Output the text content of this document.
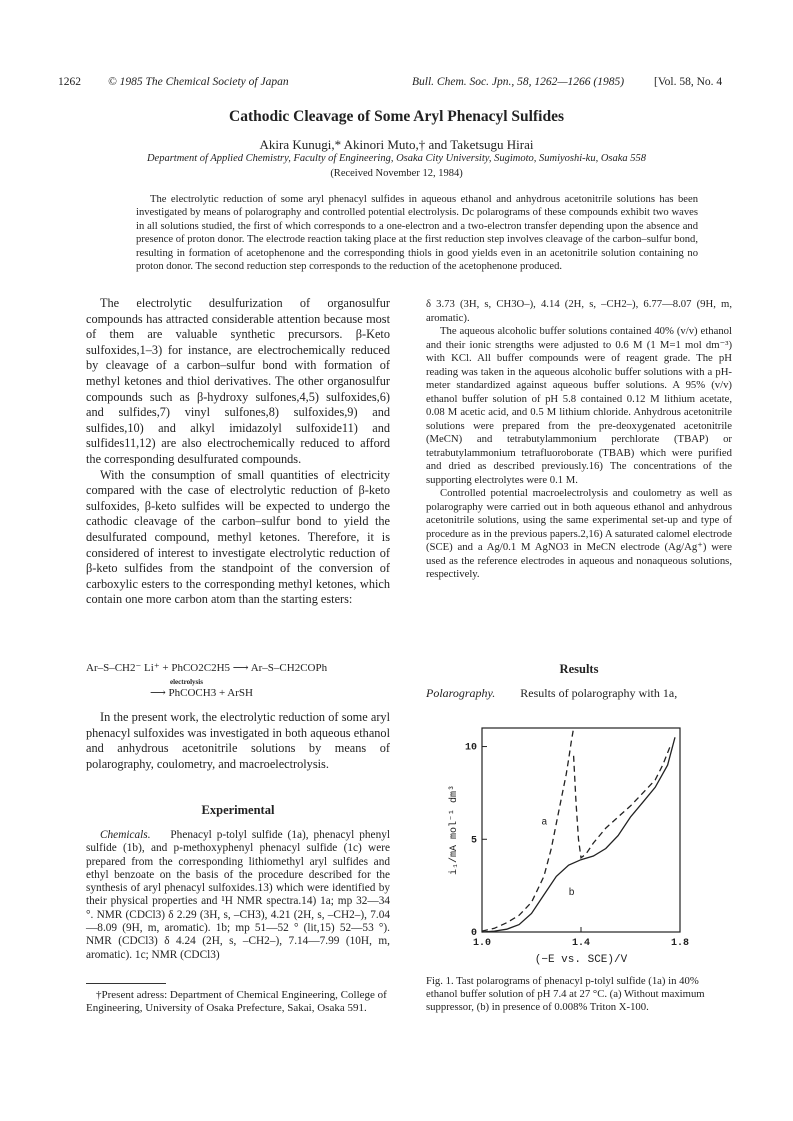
1262 © 1985 The Chemical Society of Japan	Bull. Chem. Soc. Jpn., 58, 1262—1266 (1985)	[Vol. 58, No. 4
Cathodic Cleavage of Some Aryl Phenacyl Sulfides
Akira Kunugi,* Akinori Muto,† and Taketsugu Hirai
Department of Applied Chemistry, Faculty of Engineering, Osaka City University, Sugimoto, Sumiyoshi-ku, Osaka 558
(Received November 12, 1984)
The electrolytic reduction of some aryl phenacyl sulfides in aqueous ethanol and anhydrous acetonitrile solutions has been investigated by means of polarography and controlled potential electrolysis. Dc polarograms of these compounds exhibit two waves in all solutions studied, the first of which corresponds to a one-electron and a two-electron transfer depending upon the absence and presence of proton donor. The electrode reaction taking place at the first reduction step involves cleavage of the carbon–sulfur bond, resulting in formation of acetophenone and the corresponding thiols in good yields even in an acetonitrile solution containing no proton donor. The second reduction step corresponds to the reduction of the acetophenone produced.

The electrolytic desulfurization of organosulfur compounds has attracted considerable attention because most of them are valuable synthetic precursors. β-Keto sulfoxides,1–3) for instance, are electrochemically reduced by cleavage of a carbon–sulfur bond with formation of methyl ketones and thiol derivatives. The other organosulfur compounds such as β-hydroxy sulfones,4,5) sulfoxides,6) and sulfides,7) vinyl sulfones,8) sulfoxides,9) and sulfides,10) and alkyl imidazolyl sulfoxide11) and sulfides11,12) are also electrochemically reduced to afford the corresponding desulfurated compounds.

With the consumption of small quantities of electricity compared with the case of electrolytic reduction of β-keto sulfoxides, β-keto sulfides will be expected to undergo the cathodic cleavage of the carbon–sulfur bond to yield the desulfurated compound, methyl ketones. Therefore, it is considered of interest to investigate electrolytic reduction of β-keto sulfides from the standpoint of the conversion of carboxylic esters to the corresponding methyl ketones, which contain one more carbon atom than the starting esters:

Ar–S–CH2⁻ Li⁺ + PhCO2C2H5 ⟶ Ar–S–CH2COPh
electrolysis
⟶ PhCOCH3 + ArSH

In the present work, the electrolytic reduction of some aryl phenacyl sulfoxides was investigated in both aqueous ethanol and anhydrous acetonitrile solutions by means of polarography, coulometry, and macroelectrolysis.

Experimental

Chemicals. Phenacyl p-tolyl sulfide (1a), phenacyl phenyl sulfide (1b), and p-methoxyphenyl phenacyl sulfide (1c) were prepared from the corresponding lithiomethyl aryl sulfides and ethyl benzoate on the basis of the procedure described for the synthesis of aryl phenacyl sulfoxides.13) which were identified by their physical properties and ¹H NMR spectra.14) 1a; mp 32—34 °. NMR (CDCl3) δ 2.29 (3H, s, –CH3), 4.21 (2H, s, –CH2–), 7.04—8.09 (9H, m, aromatic). 1b; mp 51—52 ° (lit,15) 52—53 °). NMR (CDCl3) δ 4.24 (2H, s, –CH2–), 7.14—7.99 (10H, m, aromatic). 1c; NMR (CDCl3)

†Present adress: Department of Chemical Engineering, College of Engineering, University of Osaka Prefecture, Sakai, Osaka 591.

δ 3.73 (3H, s, CH3O–), 4.14 (2H, s, –CH2–), 6.77—8.07 (9H, m, aromatic).

The aqueous alcoholic buffer solutions contained 40% (v/v) ethanol and their ionic strengths were adjusted to 0.6 M (1 M=1 mol dm⁻³) with KCl. All buffer compounds were of reagent grade. The pH reading was taken in the aqueous alcoholic buffer solutions with a pH-meter standardized against aqueous buffer solutions. A 95% (v/v) ethanol buffer solution of pH 5.8 contained 0.12 M lithium acetate, 0.08 M acetic acid, and 0.5 M lithium chloride. Anhydrous acetonitrile solutions were prepared from the pre-deoxygenated acetonitrile (MeCN) and tetrabutylammonium perchlorate (TBAP) or tetrabutylammonium tetrafluoroborate (TBAB) which were purified and dried as described previously.16) The concentrations of the supporting electrolytes were 0.1 M.

Controlled potential macroelectrolysis and coulometry as well as polarography were carried out in both aqueous ethanol and anhydrous acetonitrile solutions, using the same experimental set-up and type of procedure as in the previous papers.2,16) A saturated calomel electrode (SCE) and a Ag/0.1 M AgNO3 in MeCN electrode (Ag/Ag⁺) were used as the reference electrodes in aqueous and nonaqueous solutions, respectively.

Results
Polarography. Results of polarography with 1a,
1.0	1.4	1.8
0
5
10
(−E vs. SCE)/V
i₁/mA mol⁻¹ dm³	a
b
Fig. 1. Tast polarograms of phenacyl p-tolyl sulfide (1a) in 40% ethanol buffer solution of pH 7.4 at 27 °C. (a) Without maximum suppressor, (b) in presence of 0.008% Triton X-100.
